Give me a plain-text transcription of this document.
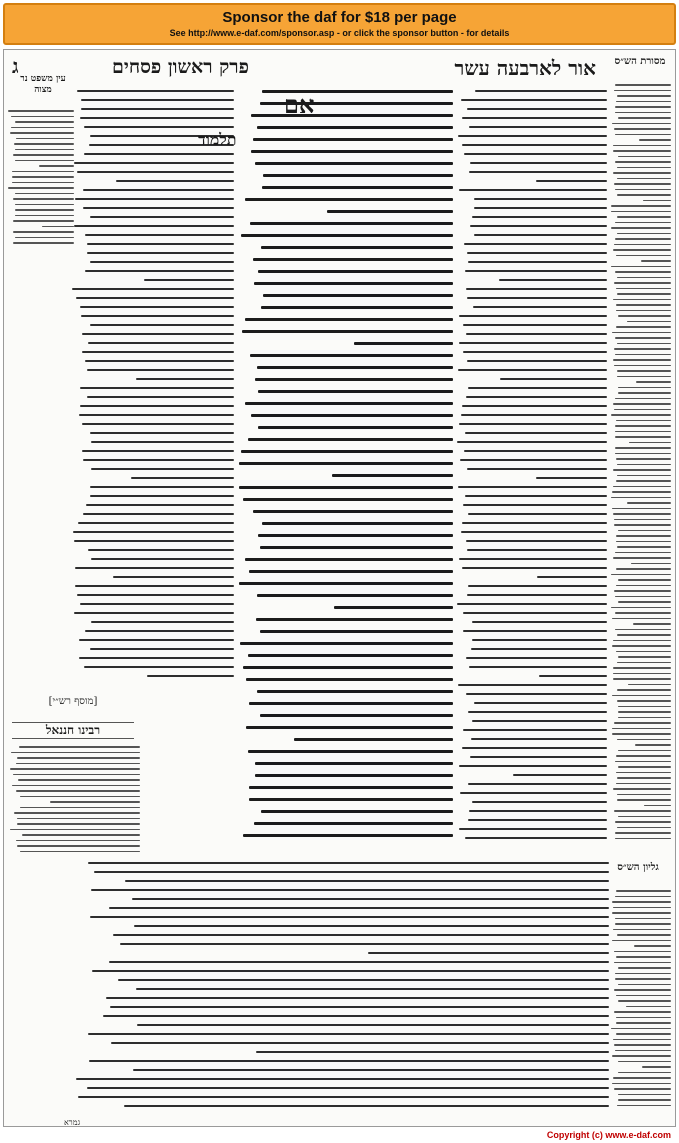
Sponsor the daf for $18 per page
See http://www.e-daf.com/sponsor.asp - or click the sponsor button - for details
ג	פרק ראשון פסחים	אור לארבעה עשר	מסורת הש״ס
עין משפט נר מצוה	אם
תלמוד
[מוסף רש״י]
רבינו חננאל
גליון הש״ס
גמרא
Copyright (c) www.e-daf.com
